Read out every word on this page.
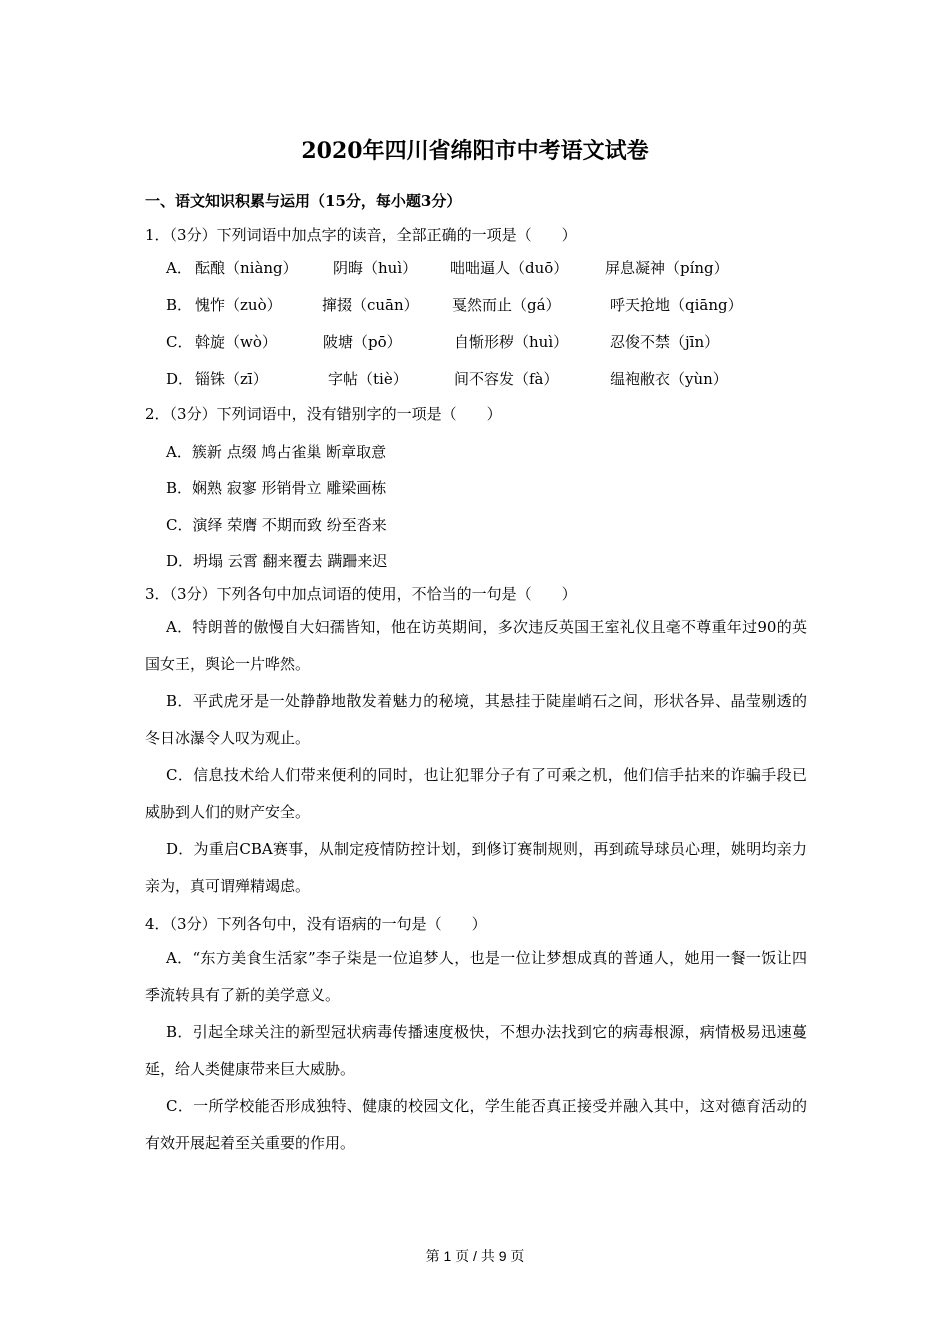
2020年四川省绵阳市中考语文试卷
一、语文知识积累与运用（15分，每小题3分）
1．（3分）下列词语中加点字的读音，全部正确的一项是（　　）
A． 酝酿（niàng） 阴晦（huì） 咄咄逼人（duō） 屏息凝神（píng）
B． 愧怍（zuò）	撺掇（cuān） 戛然而止（gá）	呼天抢地（qiāng）
C． 斡旋（wò）	陂塘（pō）	自惭形秽（huì）	忍俊不禁（jīn）
D． 锱铢（zī）	字帖（tiè）	间不容发（fà）	缊袍敝衣（yùn）
2．（3分）下列词语中，没有错别字的一项是（　　）
A．簇新 点缀 鸠占雀巢 断章取意
B．娴熟 寂寥 形销骨立 雕梁画栋
C．演绎 荣膺 不期而致 纷至沓来
D．坍塌 云霄 翻来覆去 蹒跚来迟
3．（3分）下列各句中加点词语的使用，不恰当的一句是（　　）
A．特朗普的傲慢自大妇孺皆知，他在访英期间，多次违反英国王室礼仪且毫不尊重年过90的英国女王，舆论一片哗然。
B．平武虎牙是一处静静地散发着魅力的秘境，其悬挂于陡崖峭石之间，形状各异、晶莹剔透的冬日冰瀑令人叹为观止。
C．信息技术给人们带来便利的同时，也让犯罪分子有了可乘之机，他们信手拈来的诈骗手段已威胁到人们的财产安全。
D．为重启CBA赛事，从制定疫情防控计划，到修订赛制规则，再到疏导球员心理，姚明均亲力亲为，真可谓殚精竭虑。
4．（3分）下列各句中，没有语病的一句是（　　）
A．“东方美食生活家”李子柒是一位追梦人，也是一位让梦想成真的普通人，她用一餐一饭让四季流转具有了新的美学意义。
B．引起全球关注的新型冠状病毒传播速度极快，不想办法找到它的病毒根源，病情极易迅速蔓延，给人类健康带来巨大威胁。
C．一所学校能否形成独特、健康的校园文化，学生能否真正接受并融入其中，这对德育活动的有效开展起着至关重要的作用。
第 1 页 / 共 9 页
